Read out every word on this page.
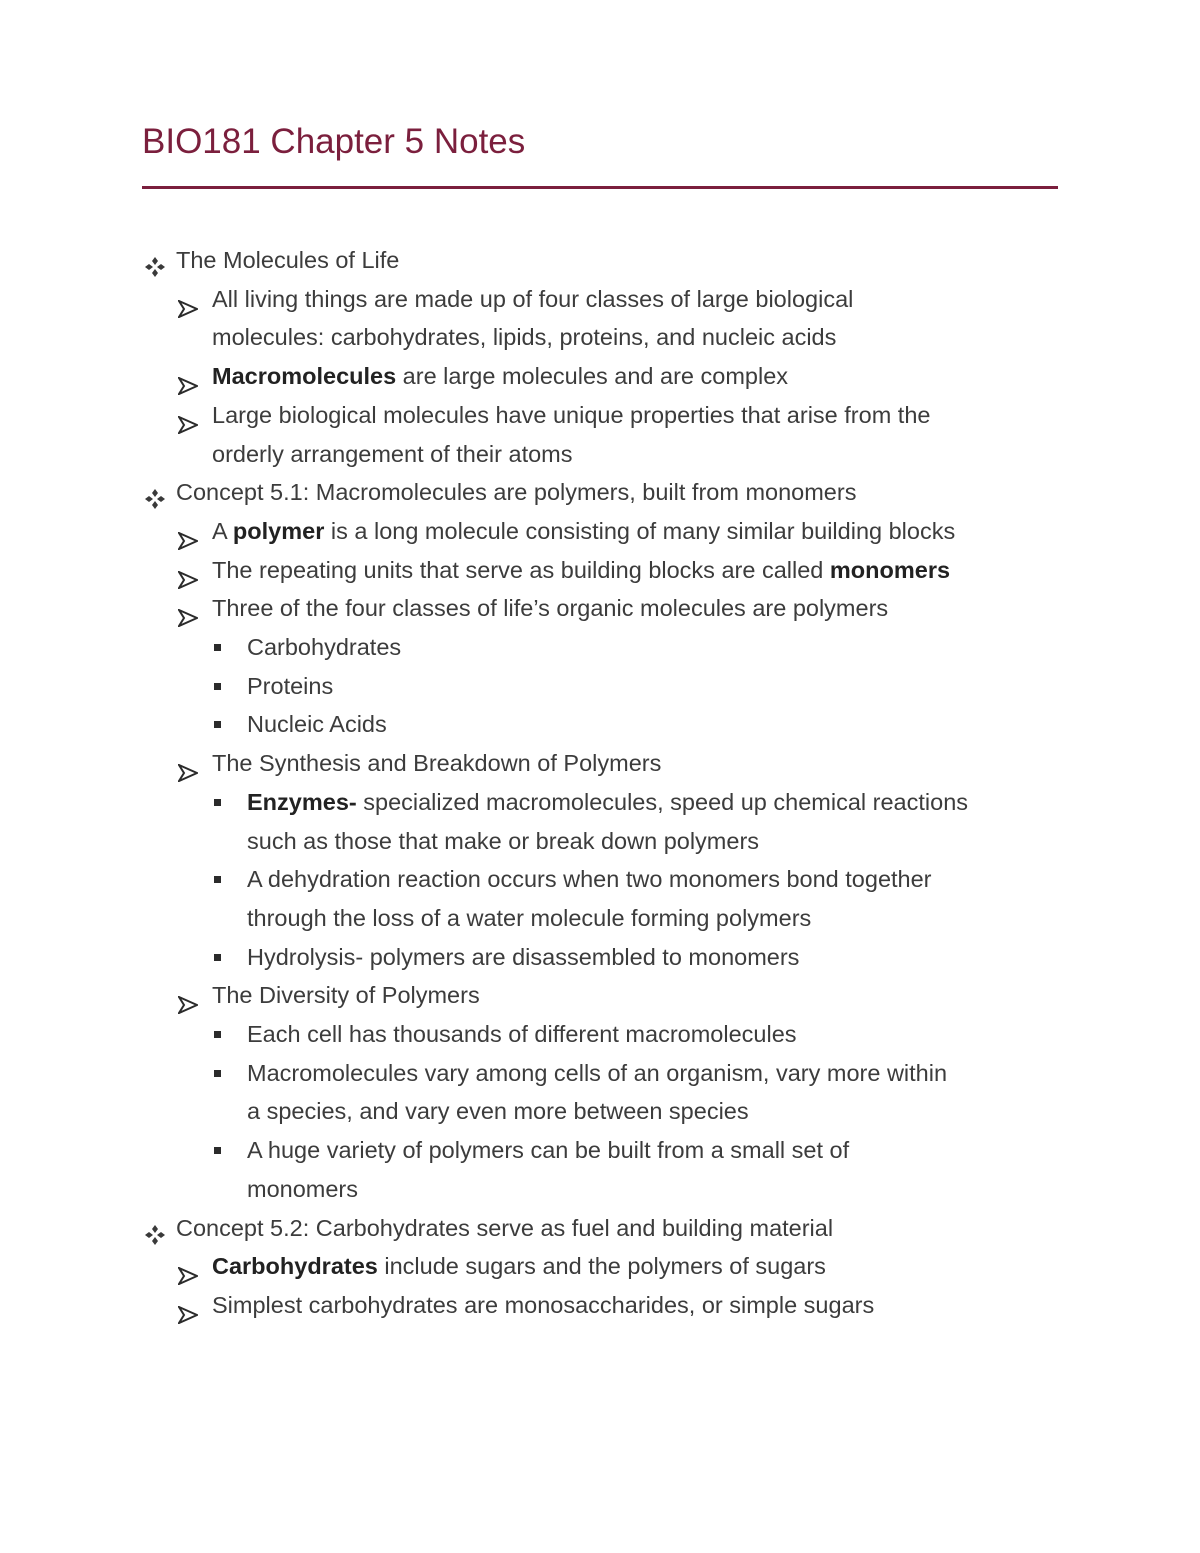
BIO181 Chapter 5 Notes
The Molecules of Life
All living things are made up of four classes of large biological
molecules: carbohydrates, lipids, proteins, and nucleic acids
Macromolecules are large molecules and are complex
Large biological molecules have unique properties that arise from the
orderly arrangement of their atoms
Concept 5.1: Macromolecules are polymers, built from monomers
A polymer is a long molecule consisting of many similar building blocks
The repeating units that serve as building blocks are called monomers
Three of the four classes of life’s organic molecules are polymers
Carbohydrates
Proteins
Nucleic Acids
The Synthesis and Breakdown of Polymers
Enzymes- specialized macromolecules, speed up chemical reactions
such as those that make or break down polymers
A dehydration reaction occurs when two monomers bond together
through the loss of a water molecule forming polymers
Hydrolysis- polymers are disassembled to monomers
The Diversity of Polymers
Each cell has thousands of different macromolecules
Macromolecules vary among cells of an organism, vary more within
a species, and vary even more between species
A huge variety of polymers can be built from a small set of
monomers
Concept 5.2: Carbohydrates serve as fuel and building material
Carbohydrates include sugars and the polymers of sugars
Simplest carbohydrates are monosaccharides, or simple sugars
